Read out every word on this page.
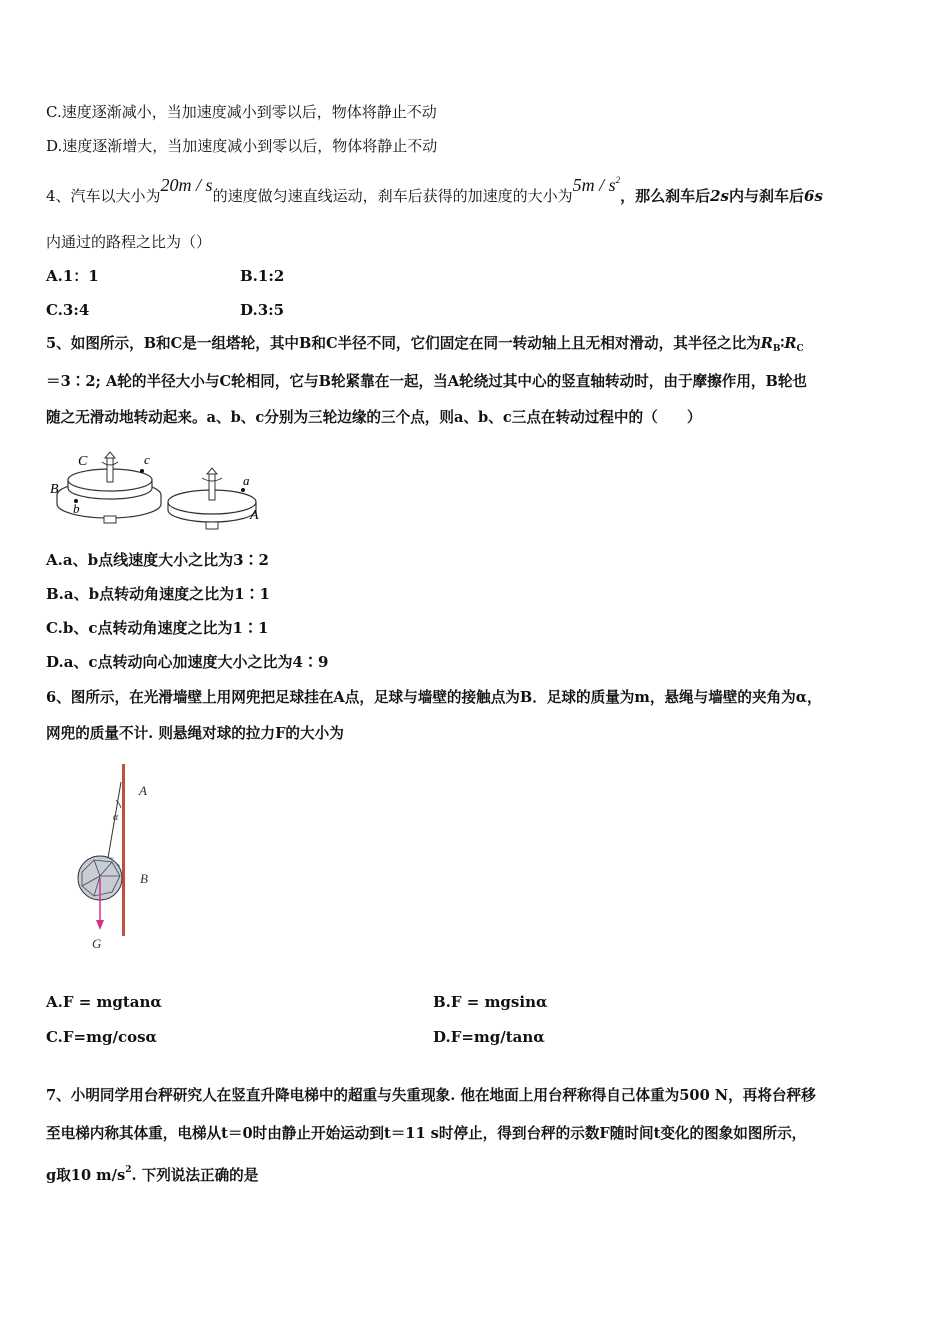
C.速度逐渐减小，当加速度减小到零以后，物体将静止不动
D.速度逐渐增大，当加速度减小到零以后，物体将静止不动
4、汽车以大小为20m / s的速度做匀速直线运动，刹车后获得的加速度的大小为$5m / s^2$，那么刹车后2s内与刹车后6s
内通过的路程之比为（）
A.1：1	B.1:2
C.3:4	D.3:5
5、如图所示，B和C是一组塔轮，其中B和C半径不同，它们固定在同一转动轴上且无相对滑动，其半径之比为$R_B∶R_C$
＝3∶2; A轮的半径大小与C轮相同，它与B轮紧靠在一起，当A轮绕过其中心的竖直轴转动时，由于摩擦作用，B轮也
随之无滑动地转动起来。a、b、c分别为三轮边缘的三个点，则a、b、c三点在转动过程中的（　　）
C	c
B
b
a
A
A.a、b点线速度大小之比为3∶2
B.a、b点转动角速度之比为1∶1
C.b、c点转动角速度之比为1∶1
D.a、c点转动向心加速度大小之比为4∶9
6、图所示，在光滑墙壁上用网兜把足球挂在A点，足球与墙壁的接触点为B．足球的质量为m，悬绳与墙壁的夹角为α，
网兜的质量不计. 则悬绳对球的拉力F的大小为
A
α
B
G
A.F = mgtanα	B.F = mgsinα
C.F=mg/cosα	D.F=mg/tanα
7、小明同学用台秤研究人在竖直升降电梯中的超重与失重现象. 他在地面上用台秤称得自己体重为500 N，再将台秤移
至电梯内称其体重，电梯从t＝0时由静止开始运动到t＝11 s时停止，得到台秤的示数F随时间t变化的图象如图所示，
g取10 $m/s^2$. 下列说法正确的是
